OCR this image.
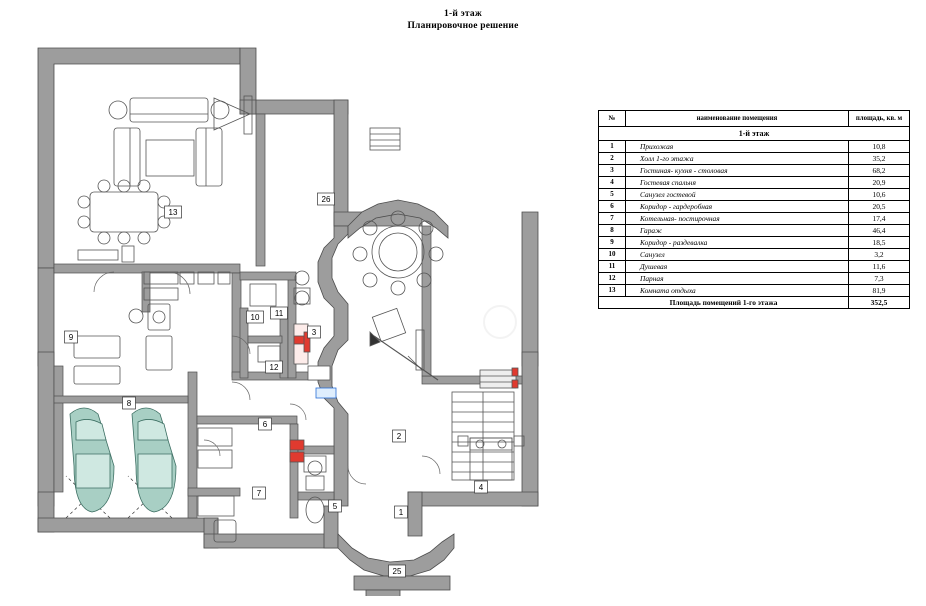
1-й этаж
Планировочное решение
13
26
10 11
9
3
12
8
6
2
7
5
1
4
25
№	наименование помещения	площадь, кв. м
1-й этаж		
1	Прихожая	10,8
2	Холл 1-го этажа	35,2
3	Гостиная- кухня - столовая	68,2
4	Гостевая спальня	20,9
5	Санузел гостевой	10,6
6	Коридор - гардеробная	20,5
7	Котельная- постирочная	17,4
8	Гараж	46,4
9	Коридор - раздевалка	18,5
10	Санузел	3,2
11	Душевая	11,6
12	Парная	7,3
13	Комната отдыха	81,9
Площадь помещений 1-го этажа		352,5
